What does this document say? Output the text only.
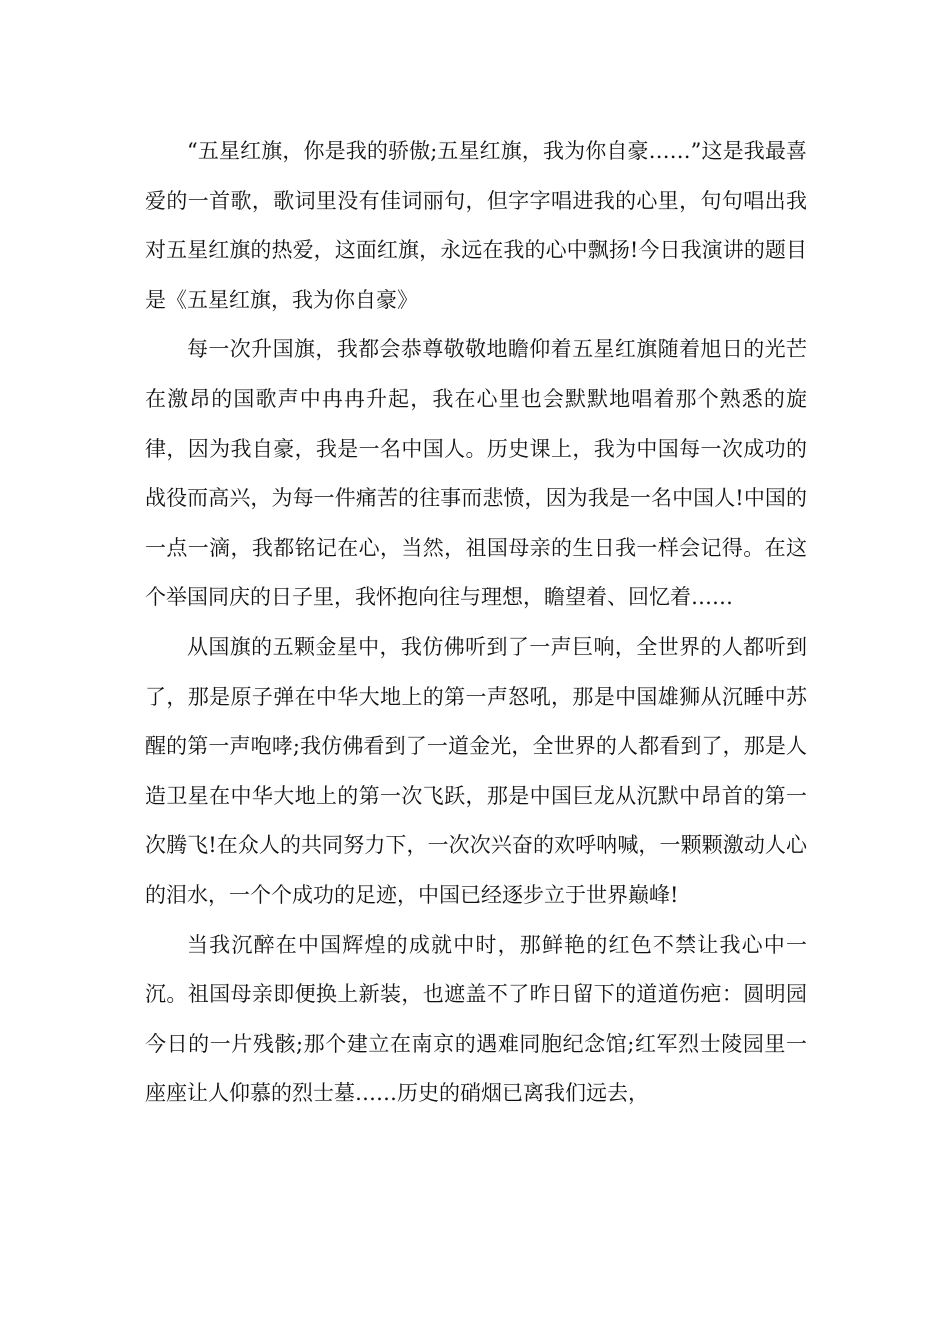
“五星红旗，你是我的骄傲;五星红旗，我为你自豪……”这是我最喜爱的一首歌，歌词里没有佳词丽句，但字字唱进我的心里，句句唱出我对五星红旗的热爱，这面红旗，永远在我的心中飘扬!今日我演讲的题目是《五星红旗，我为你自豪》

每一次升国旗，我都会恭尊敬敬地瞻仰着五星红旗随着旭日的光芒在激昂的国歌声中冉冉升起，我在心里也会默默地唱着那个熟悉的旋律，因为我自豪，我是一名中国人。历史课上，我为中国每一次成功的战役而高兴，为每一件痛苦的往事而悲愤，因为我是一名中国人!中国的一点一滴，我都铭记在心，当然，祖国母亲的生日我一样会记得。在这个举国同庆的日子里，我怀抱向往与理想，瞻望着、回忆着……

从国旗的五颗金星中，我仿佛听到了一声巨响，全世界的人都听到了，那是原子弹在中华大地上的第一声怒吼，那是中国雄狮从沉睡中苏醒的第一声咆哮;我仿佛看到了一道金光，全世界的人都看到了，那是人造卫星在中华大地上的第一次飞跃，那是中国巨龙从沉默中昂首的第一次腾飞!在众人的共同努力下，一次次兴奋的欢呼呐喊，一颗颗激动人心的泪水，一个个成功的足迹，中国已经逐步立于世界巅峰!

当我沉醉在中国辉煌的成就中时，那鲜艳的红色不禁让我心中一沉。祖国母亲即便换上新装，也遮盖不了昨日留下的道道伤疤：圆明园今日的一片残骸;那个建立在南京的遇难同胞纪念馆;红军烈士陵园里一座座让人仰慕的烈士墓……历史的硝烟已离我们远去，
